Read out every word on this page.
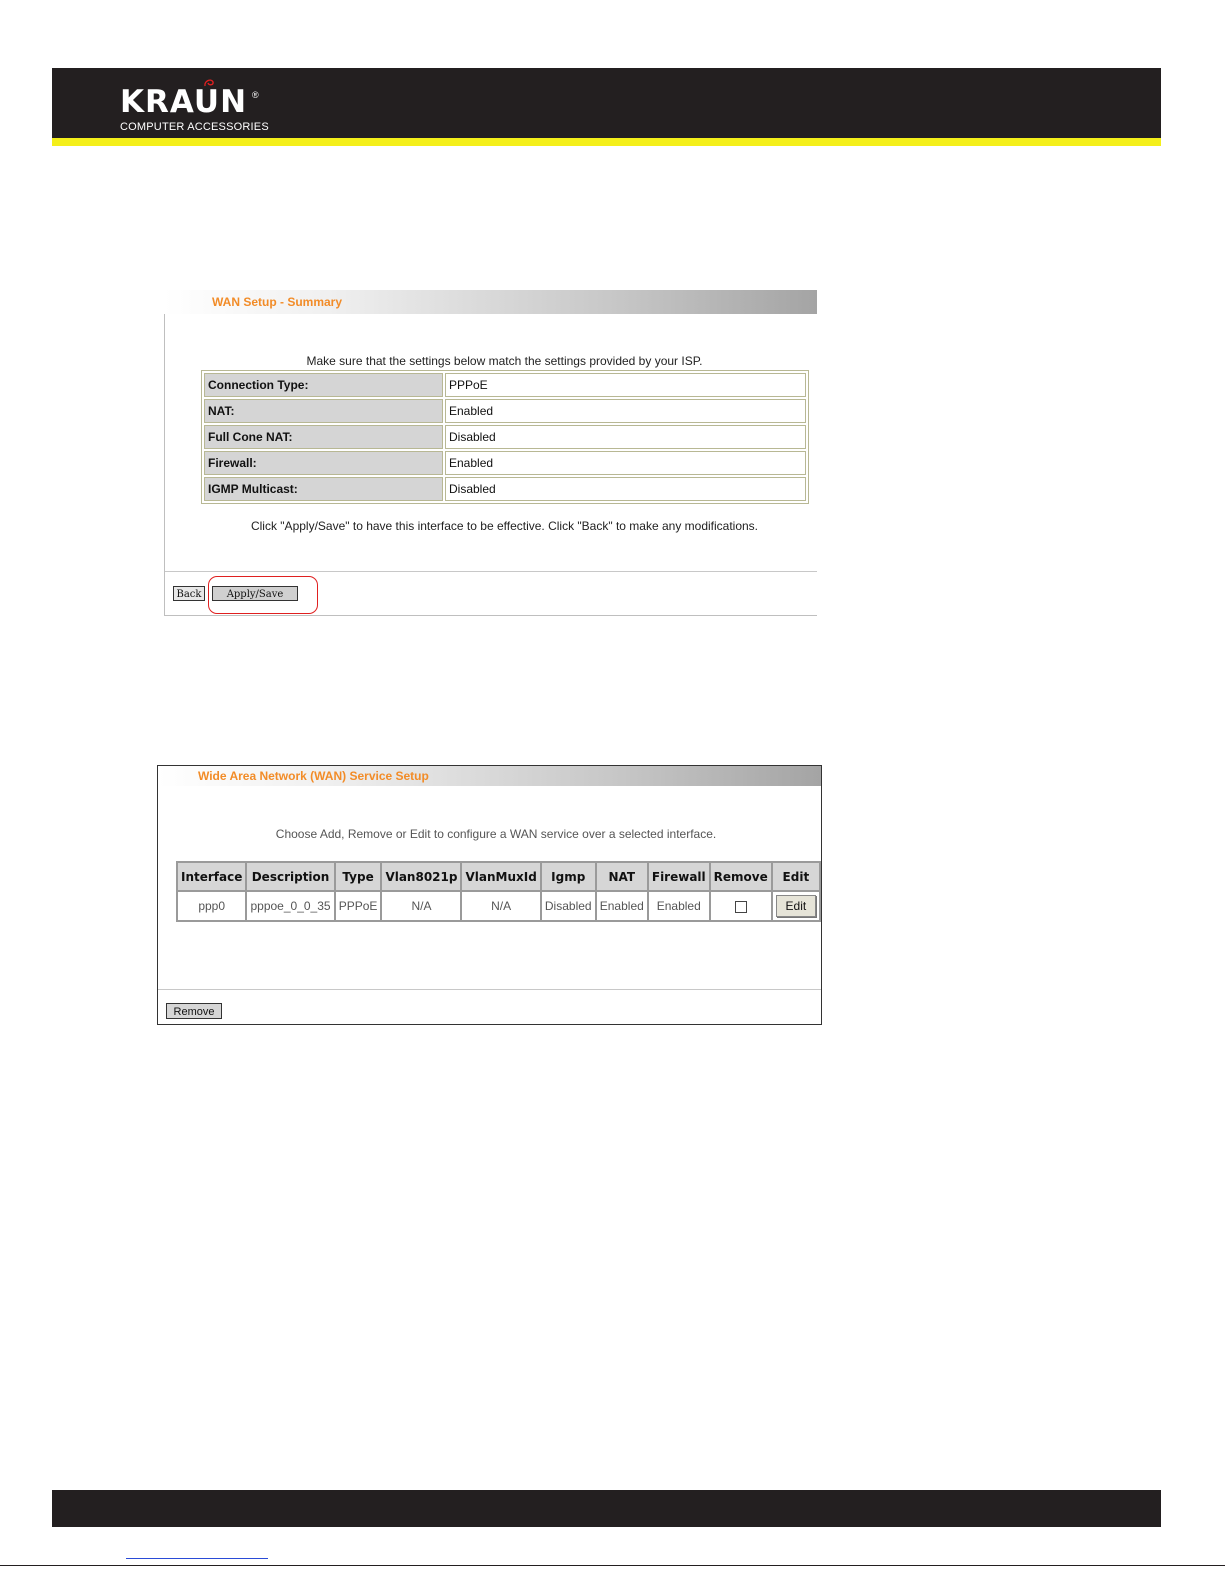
KRAUN ®
COMPUTER ACCESSORIES
WAN Setup - Summary
Make sure that the settings below match the settings provided by your ISP.
Connection Type:	PPPoE
NAT:	Enabled
Full Cone NAT:	Disabled
Firewall:	Enabled
IGMP Multicast:	Disabled
Click "Apply/Save" to have this interface to be effective. Click "Back" to make any modifications.
Back	Apply/Save
Wide Area Network (WAN) Service Setup
Choose Add, Remove or Edit to configure a WAN service over a selected interface.
Interface	Description	Type	Vlan8021p	VlanMuxId	Igmp	NAT	Firewall	Remove	Edit
ppp0	pppoe_0_0_35	PPPoE	N/A	N/A	Disabled	Enabled	Enabled		Edit
Remove
